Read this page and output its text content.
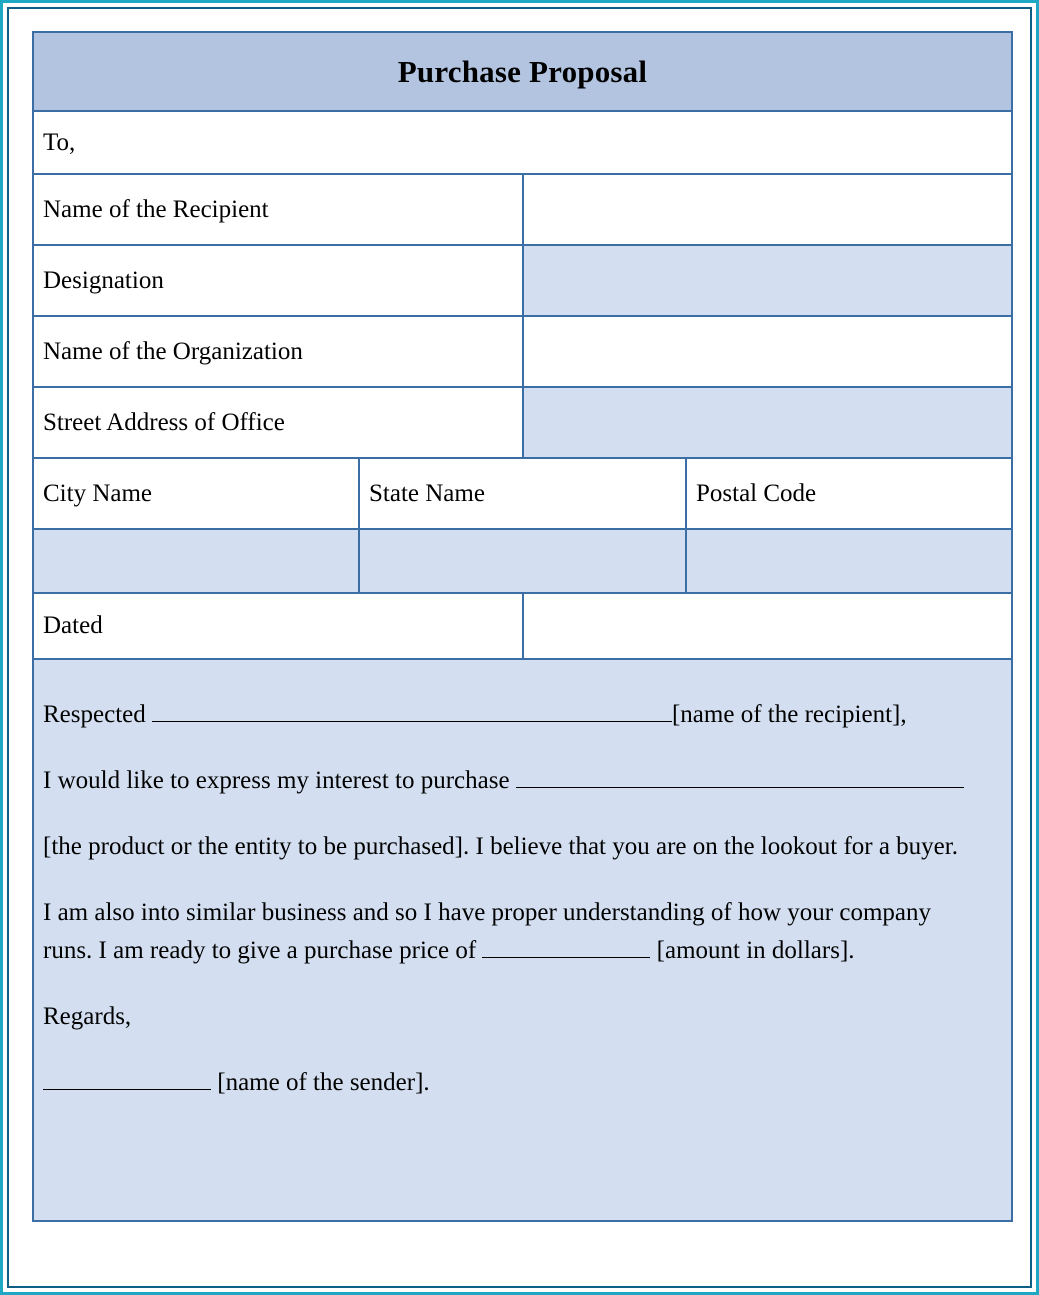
Purchase Proposal
To,
Name of the Recipient
Designation
Name of the Organization
Street Address of Office
City Name	State Name	Postal Code
Dated

Respected	[name of the recipient],

I would like to express my interest to purchase

[the product or the entity to be purchased]. I believe that you are on the lookout for a buyer.

I am also into similar business and so I have proper understanding of how your company runs. I am ready to give a purchase price of	[amount in dollars].

Regards,

[name of the sender].
